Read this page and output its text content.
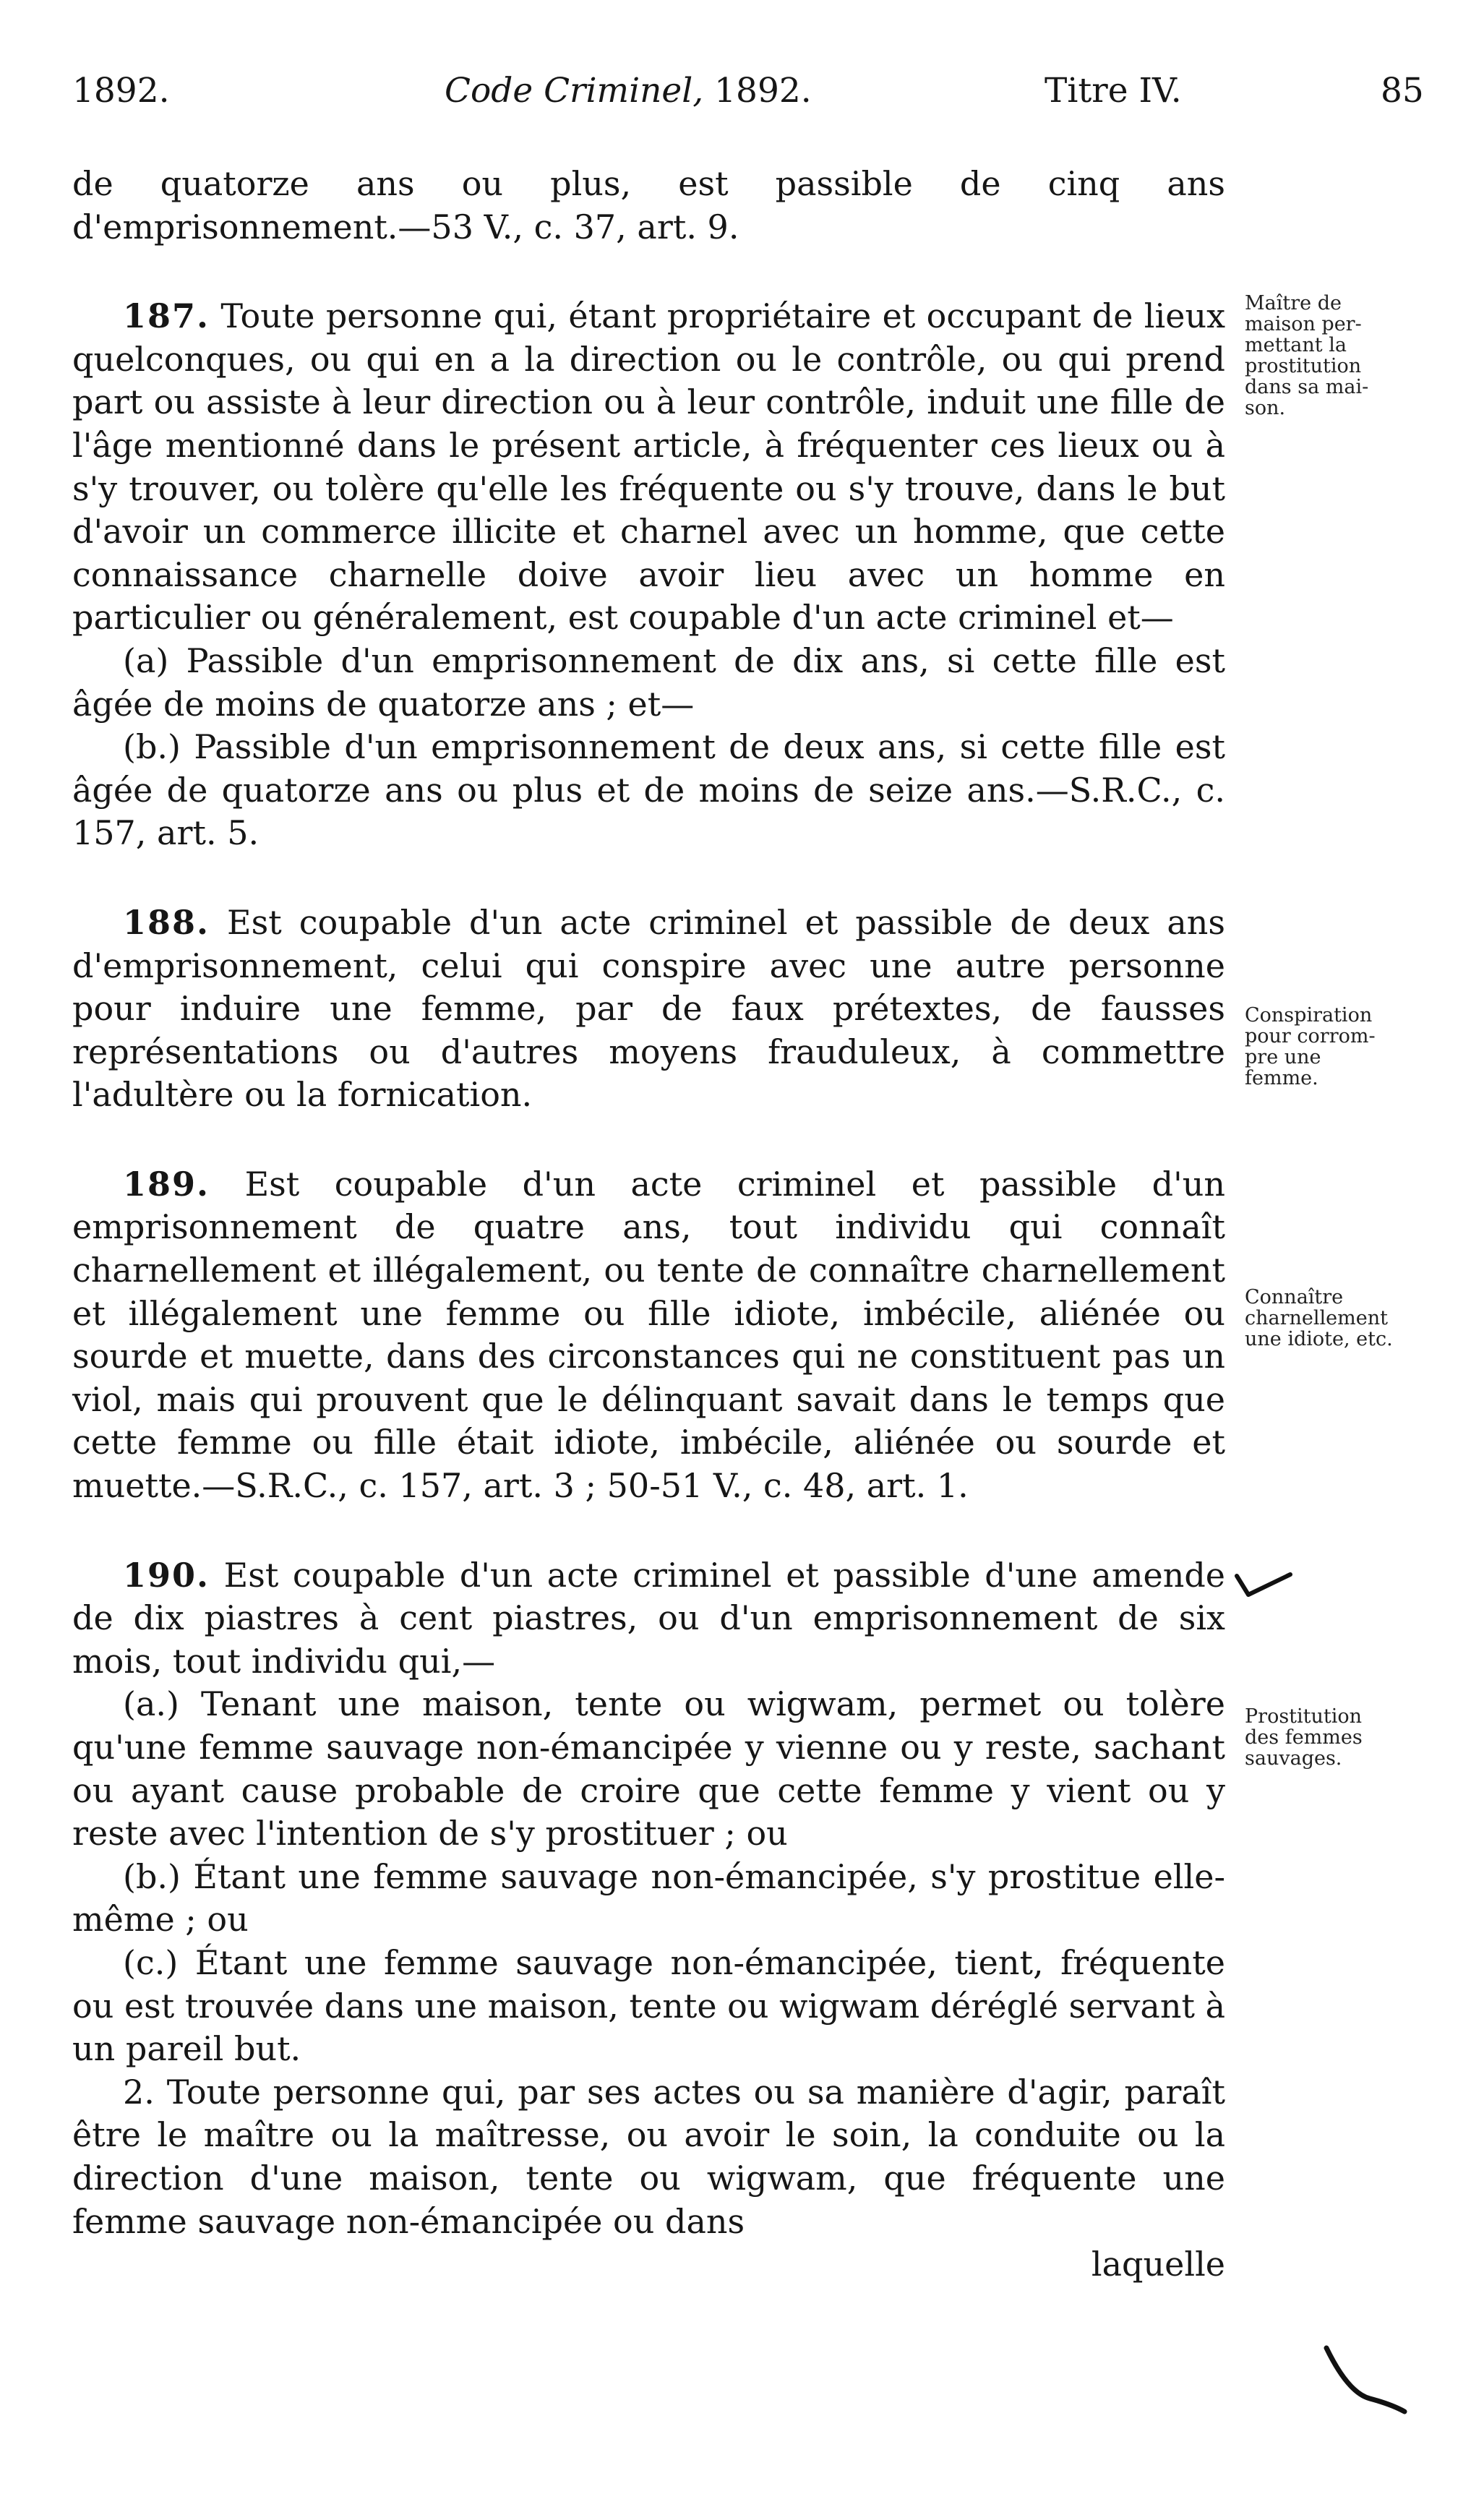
1892.	Code Criminel, 1892.	Titre IV.	85

de quatorze ans ou plus, est passible de cinq ans d'emprisonnement.—53 V., c. 37, art. 9.

187. Toute personne qui, étant propriétaire et occupant de lieux quelconques, ou qui en a la direction ou le contrôle, ou qui prend part ou assiste à leur direction ou à leur contrôle, induit une fille de l'âge mentionné dans le présent article, à fréquenter ces lieux ou à s'y trouver, ou tolère qu'elle les fréquente ou s'y trouve, dans le but d'avoir un commerce illicite et charnel avec un homme, que cette connaissance charnelle doive avoir lieu avec un homme en particulier ou généralement, est coupable d'un acte criminel et—

(a) Passible d'un emprisonnement de dix ans, si cette fille est âgée de moins de quatorze ans ; et—

(b.) Passible d'un emprisonnement de deux ans, si cette fille est âgée de quatorze ans ou plus et de moins de seize ans.—S.R.C., c. 157, art. 5.

188. Est coupable d'un acte criminel et passible de deux ans d'emprisonnement, celui qui conspire avec une autre personne pour induire une femme, par de faux prétextes, de fausses représentations ou d'autres moyens frauduleux, à commettre l'adultère ou la fornication.

189. Est coupable d'un acte criminel et passible d'un emprisonnement de quatre ans, tout individu qui connaît charnellement et illégalement, ou tente de connaître charnellement et illégalement une femme ou fille idiote, imbécile, aliénée ou sourde et muette, dans des circonstances qui ne constituent pas un viol, mais qui prouvent que le délinquant savait dans le temps que cette femme ou fille était idiote, imbécile, aliénée ou sourde et muette.—S.R.C., c. 157, art. 3 ; 50-51 V., c. 48, art. 1.

190. Est coupable d'un acte criminel et passible d'une amende de dix piastres à cent piastres, ou d'un emprisonnement de six mois, tout individu qui,—

(a.) Tenant une maison, tente ou wigwam, permet ou tolère qu'une femme sauvage non-émancipée y vienne ou y reste, sachant ou ayant cause probable de croire que cette femme y vient ou y reste avec l'intention de s'y prostituer ; ou

(b.) Étant une femme sauvage non-émancipée, s'y prostitue elle-même ; ou

(c.) Étant une femme sauvage non-émancipée, tient, fréquente ou est trouvée dans une maison, tente ou wigwam déréglé servant à un pareil but.

2. Toute personne qui, par ses actes ou sa manière d'agir, paraît être le maître ou la maîtresse, ou avoir le soin, la conduite ou la direction d'une maison, tente ou wigwam, que fréquente une femme sauvage non-émancipée ou dans

laquelle

Maître de
maison per-
mettant la
prostitution
dans sa mai-
son.
Conspiration
pour corrom-
pre une
femme.
Connaître
charnellement
une idiote, etc.
Prostitution
des femmes
sauvages.
